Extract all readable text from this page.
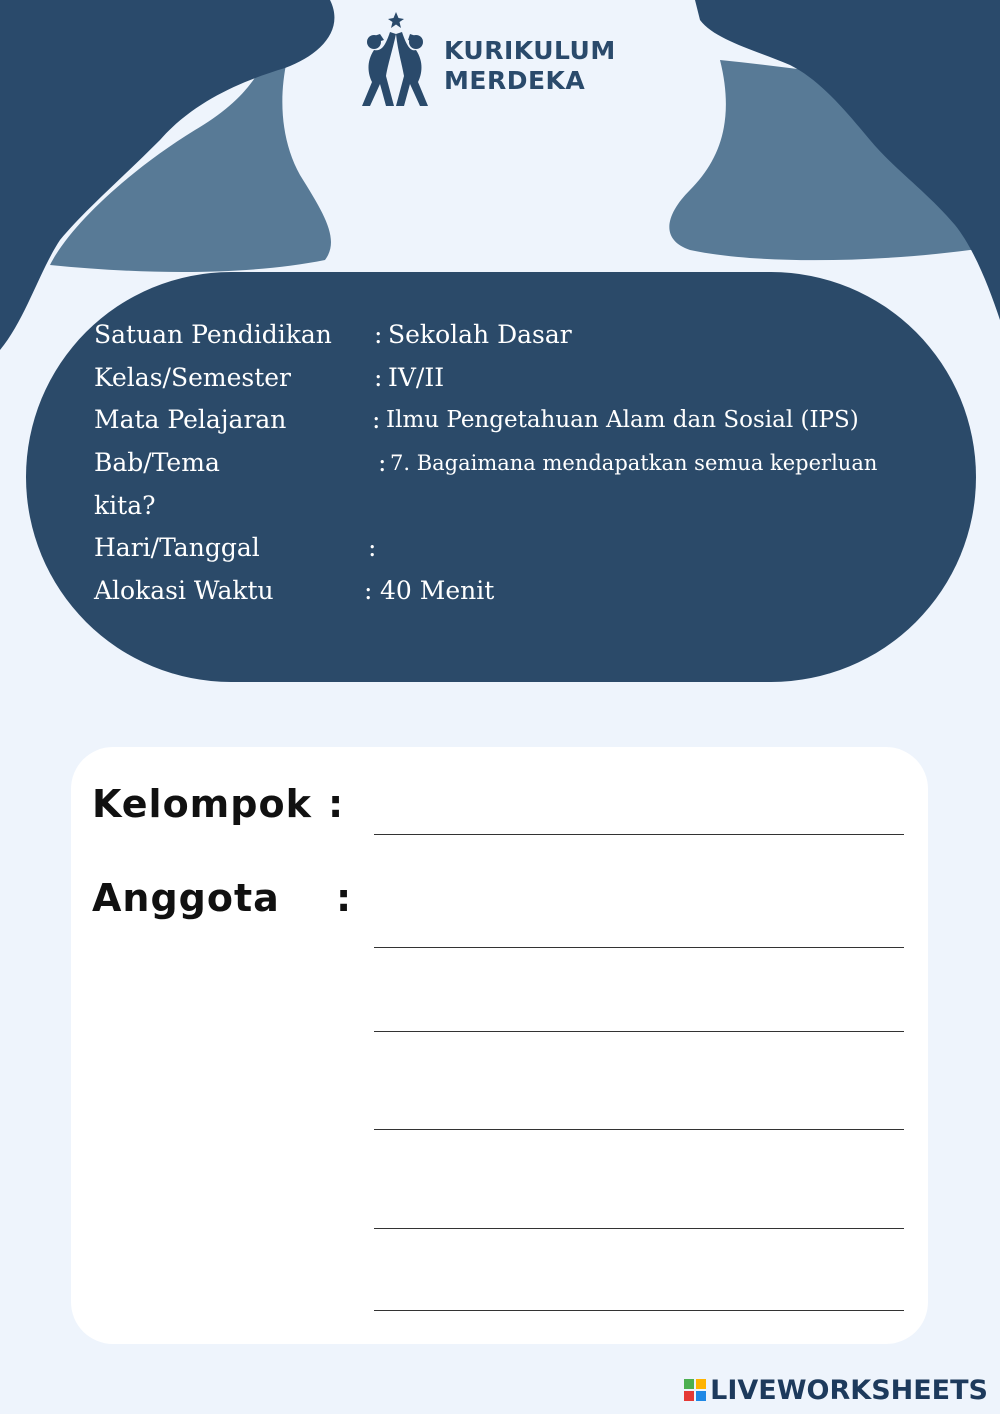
KURIKULUM
MERDEKA
Satuan Pendidikan : Sekolah Dasar
Kelas/Semester	: IV/II
Mata Pelajaran	: Ilmu Pengetahuan Alam dan Sosial (IPS)
Bab/Tema	: 7. Bagaimana mendapatkan semua keperluan
kita?
Hari/Tanggal	:
Alokasi Waktu	: 40 Menit
Kelompok :
Anggota :
LIVEWORKSHEETS
